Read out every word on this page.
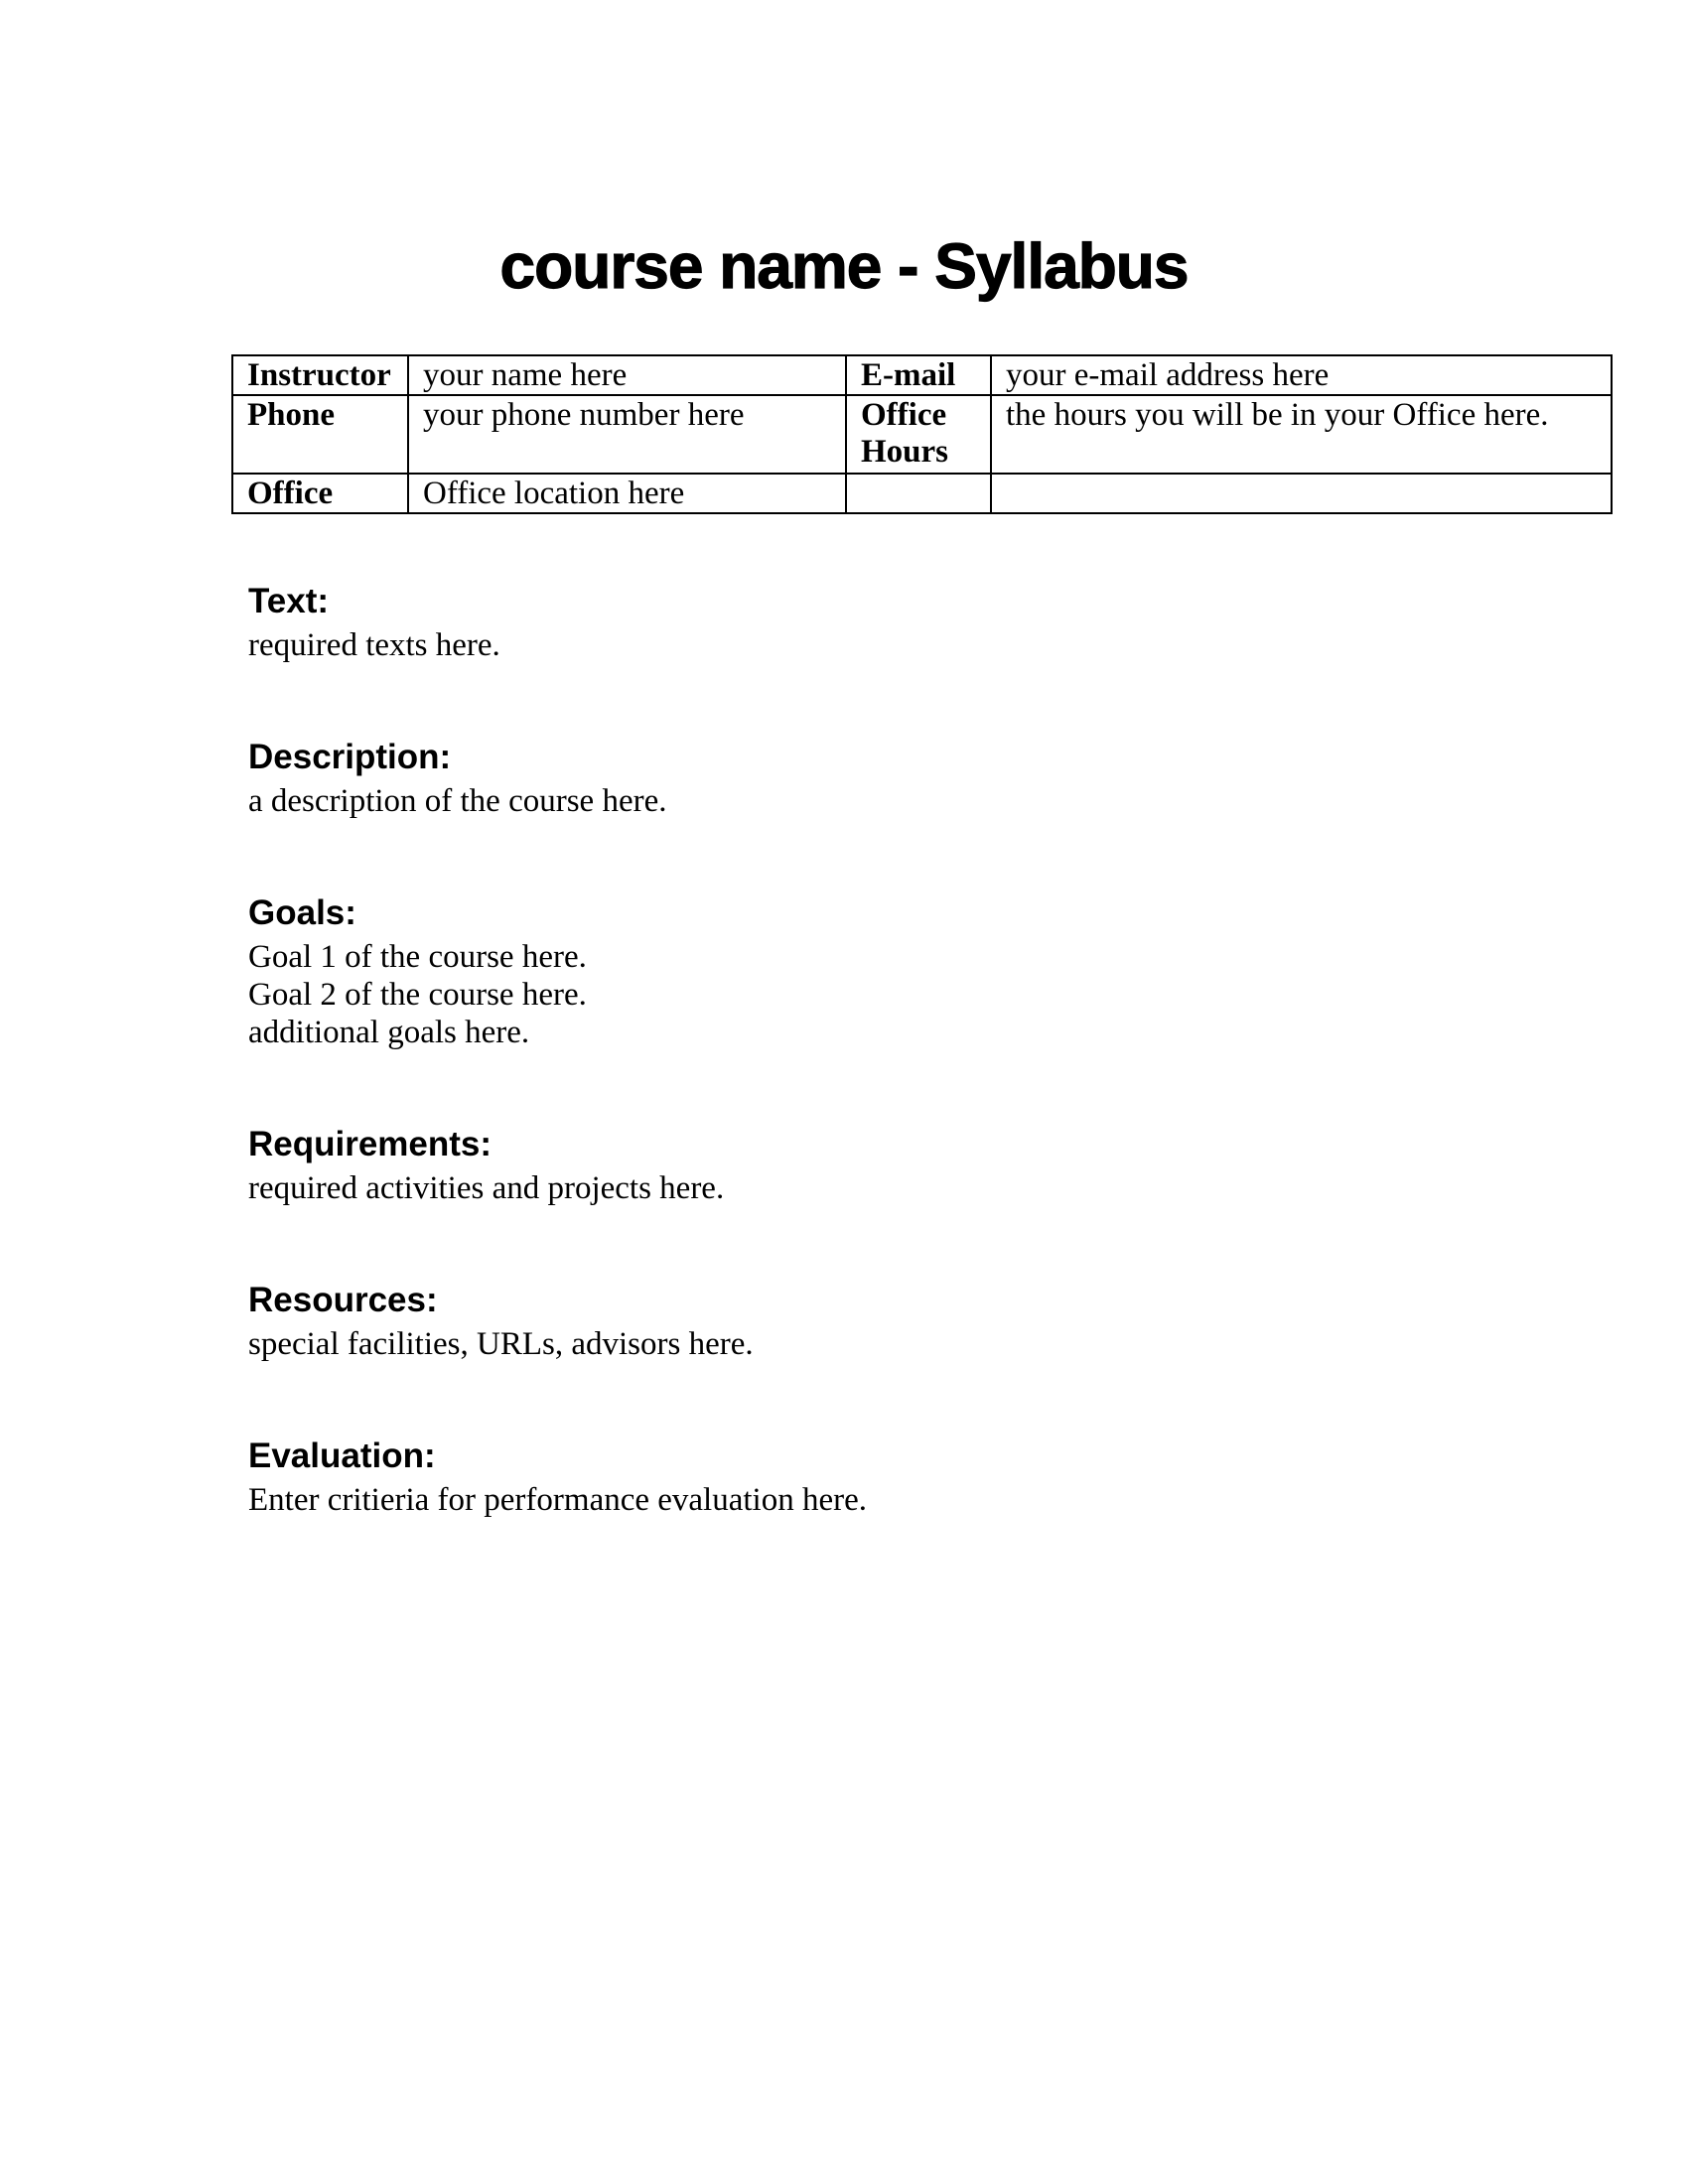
course name - Syllabus
Instructor	your name here	E-mail	your e-mail address here
Phone	your phone number here	Office Hours	the hours you will be in your Office here.
Office	Office location here		
Text:
required texts here.
Description:
a description of the course here.
Goals:
Goal 1 of the course here.
Goal 2 of the course here.
additional goals here.
Requirements:
required activities and projects here.
Resources:
special facilities, URLs, advisors here.
Evaluation:
Enter critieria for performance evaluation here.
